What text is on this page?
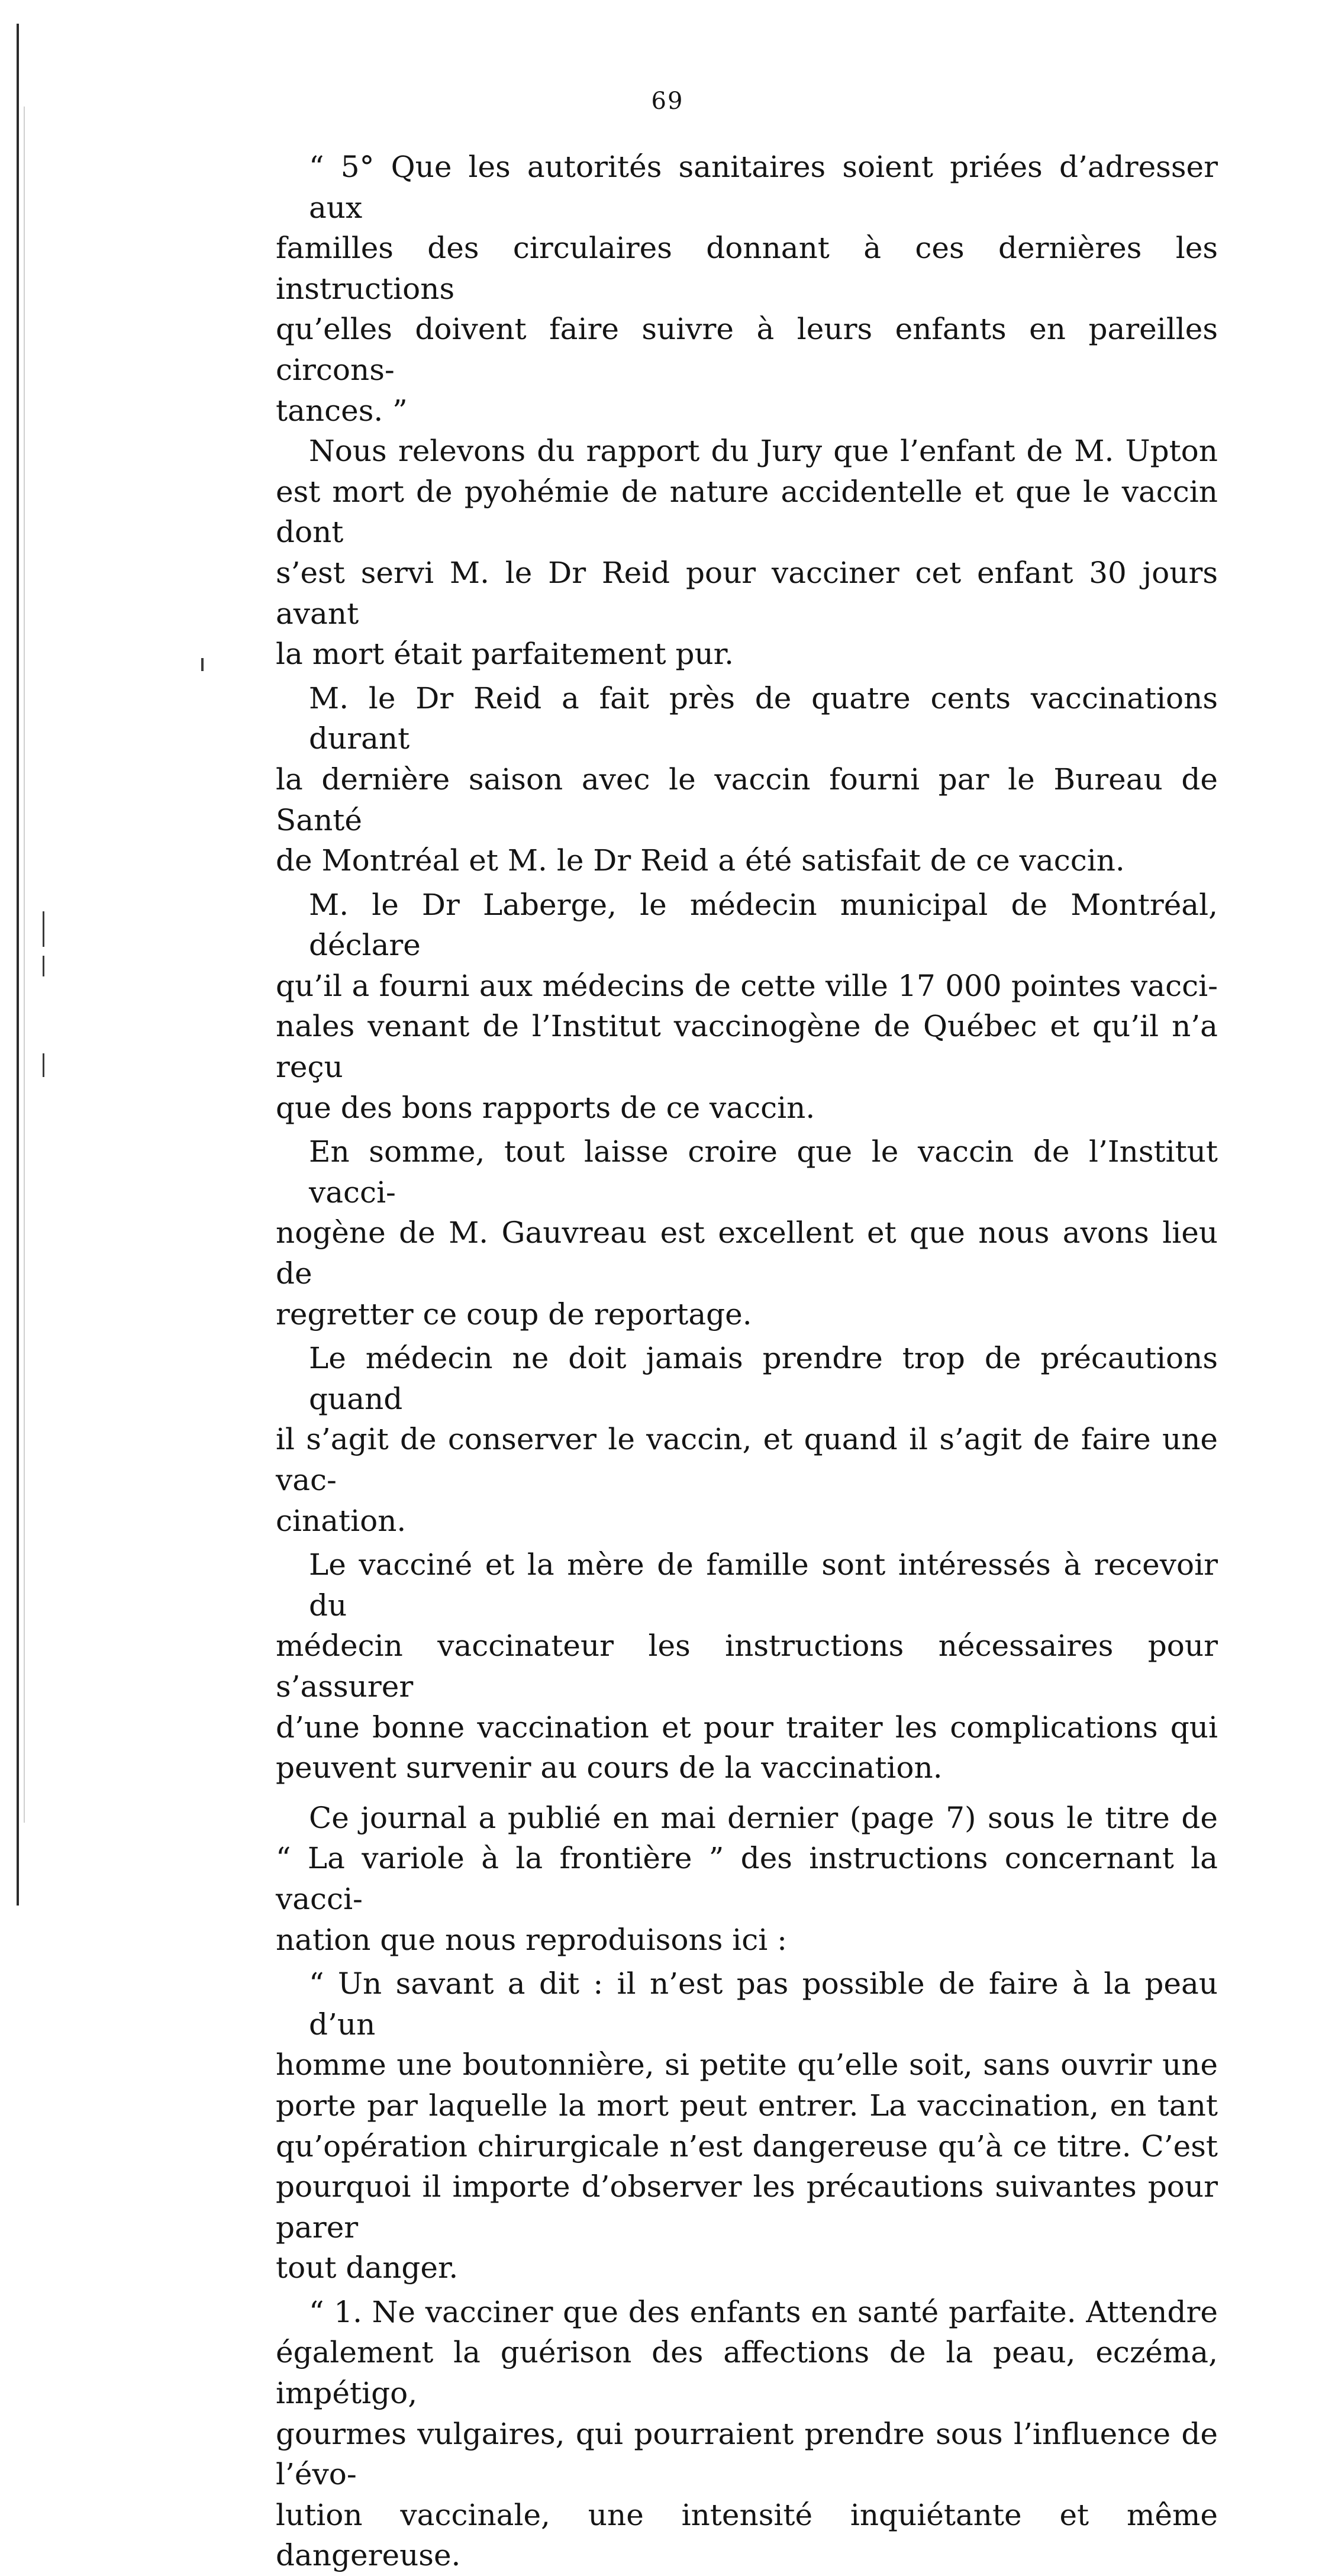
69

“ 5° Que les autorités sanitaires soient priées d’adresser aux
familles des circulaires donnant à ces dernières les instructions
qu’elles doivent faire suivre à leurs enfants en pareilles circons-
tances. ”

Nous relevons du rapport du Jury que l’enfant de M. Upton
est mort de pyohémie de nature accidentelle et que le vaccin dont
s’est servi M. le Dr Reid pour vacciner cet enfant 30 jours avant
la mort était parfaitement pur.

M. le Dr Reid a fait près de quatre cents vaccinations durant
la dernière saison avec le vaccin fourni par le Bureau de Santé
de Montréal et M. le Dr Reid a été satisfait de ce vaccin.

M. le Dr Laberge, le médecin municipal de Montréal, déclare
qu’il a fourni aux médecins de cette ville 17 000 pointes vacci-
nales venant de l’Institut vaccinogène de Québec et qu’il n’a reçu
que des bons rapports de ce vaccin.

En somme, tout laisse croire que le vaccin de l’Institut vacci-
nogène de M. Gauvreau est excellent et que nous avons lieu de
regretter ce coup de reportage.

Le médecin ne doit jamais prendre trop de précautions quand
il s’agit de conserver le vaccin, et quand il s’agit de faire une vac-
cination.

Le vacciné et la mère de famille sont intéressés à recevoir du
médecin vaccinateur les instructions nécessaires pour s’assurer
d’une bonne vaccination et pour traiter les complications qui
peuvent survenir au cours de la vaccination.

Ce journal a publié en mai dernier (page 7) sous le titre de
“ La variole à la frontière ” des instructions concernant la vacci-
nation que nous reproduisons ici :

“ Un savant a dit : il n’est pas possible de faire à la peau d’un
homme une boutonnière, si petite qu’elle soit, sans ouvrir une
porte par laquelle la mort peut entrer. La vaccination, en tant
qu’opération chirurgicale n’est dangereuse qu’à ce titre. C’est
pourquoi il importe d’observer les précautions suivantes pour parer
tout danger.

“ 1. Ne vacciner que des enfants en santé parfaite. Attendre
également la guérison des affections de la peau, eczéma, impétigo,
gourmes vulgaires, qui pourraient prendre sous l’influence de l’évo-
lution vaccinale, une intensité inquiétante et même dangereuse.
